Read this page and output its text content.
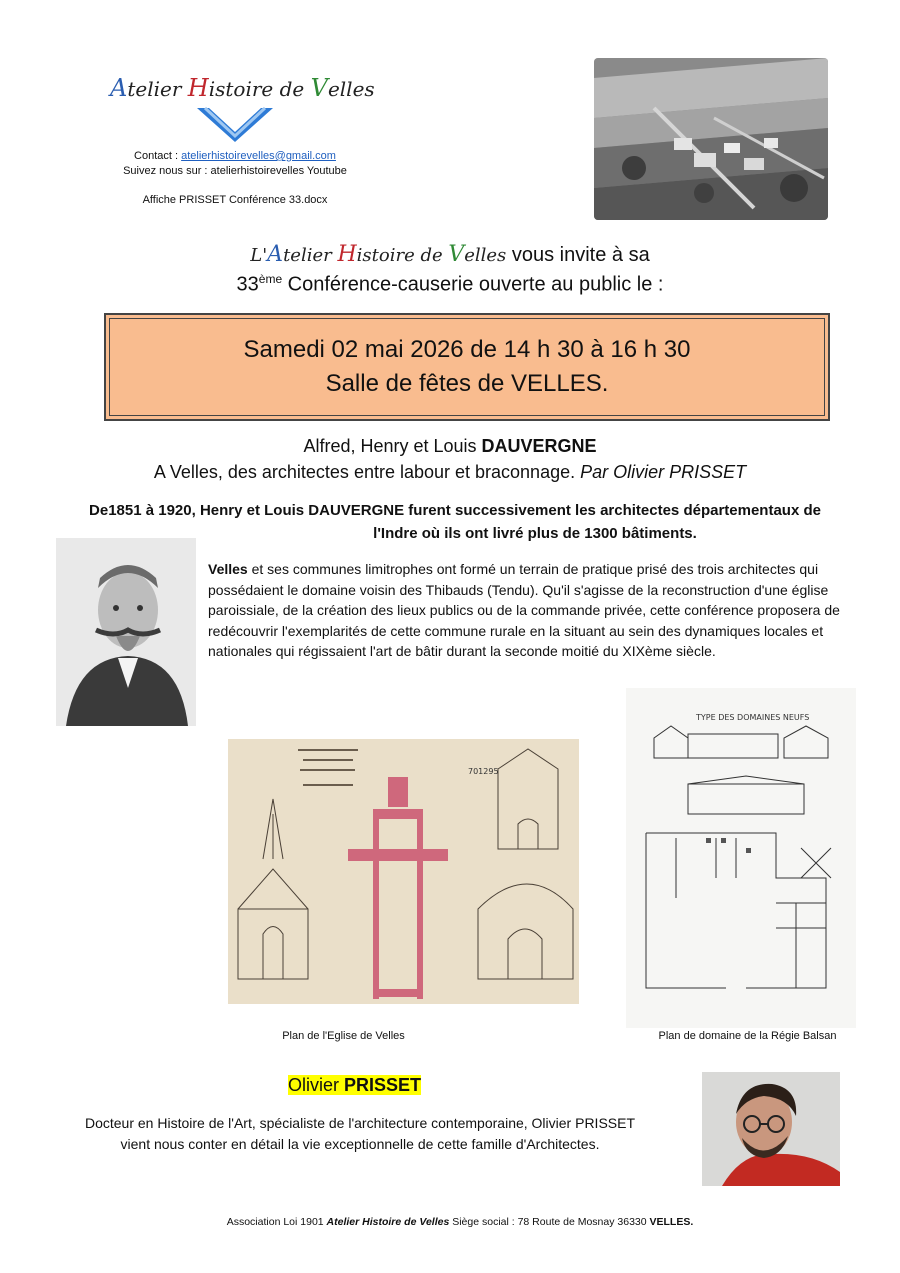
Atelier Histoire de Velles
Contact : atelierhistoirevelles@gmail.com
Suivez nous sur : atelierhistoirevelles Youtube
Affiche PRISSET Conférence 33.docx
L'Atelier Histoire de Velles vous invite à sa
33ème Conférence-causerie ouverte au public le :
Samedi 02 mai 2026 de 14 h 30 à 16 h 30
Salle de fêtes de VELLES.
Alfred, Henry et Louis DAUVERGNE
A Velles, des architectes entre labour et braconnage. Par Olivier PRISSET
De1851 à 1920, Henry et Louis DAUVERGNE furent successivement les architectes départementaux de
l'Indre où ils ont livré plus de 1300 bâtiments.
Velles et ses communes limitrophes ont formé un terrain de pratique prisé des trois architectes qui possédaient le domaine voisin des Thibauds (Tendu). Qu'il s'agisse de la reconstruction d'une église paroissiale, de la création des lieux publics ou de la commande privée, cette conférence proposera de redécouvrir l'exemplarités de cette commune rurale en la situant au sein des dynamiques locales et nationales qui régissaient l'art de bâtir durant la seconde moitié du XIXème siècle.
701295
Plan de l'Eglise de Velles
TYPE DES DOMAINES NEUFS
Plan de domaine de la Régie Balsan
Olivier PRISSET
Docteur en Histoire de l'Art, spécialiste de l'architecture contemporaine, Olivier PRISSET
vient nous conter en détail la vie exceptionnelle de cette famille d'Architectes.
Association Loi 1901 Atelier Histoire de Velles Siège social : 78 Route de Mosnay 36330 VELLES.
